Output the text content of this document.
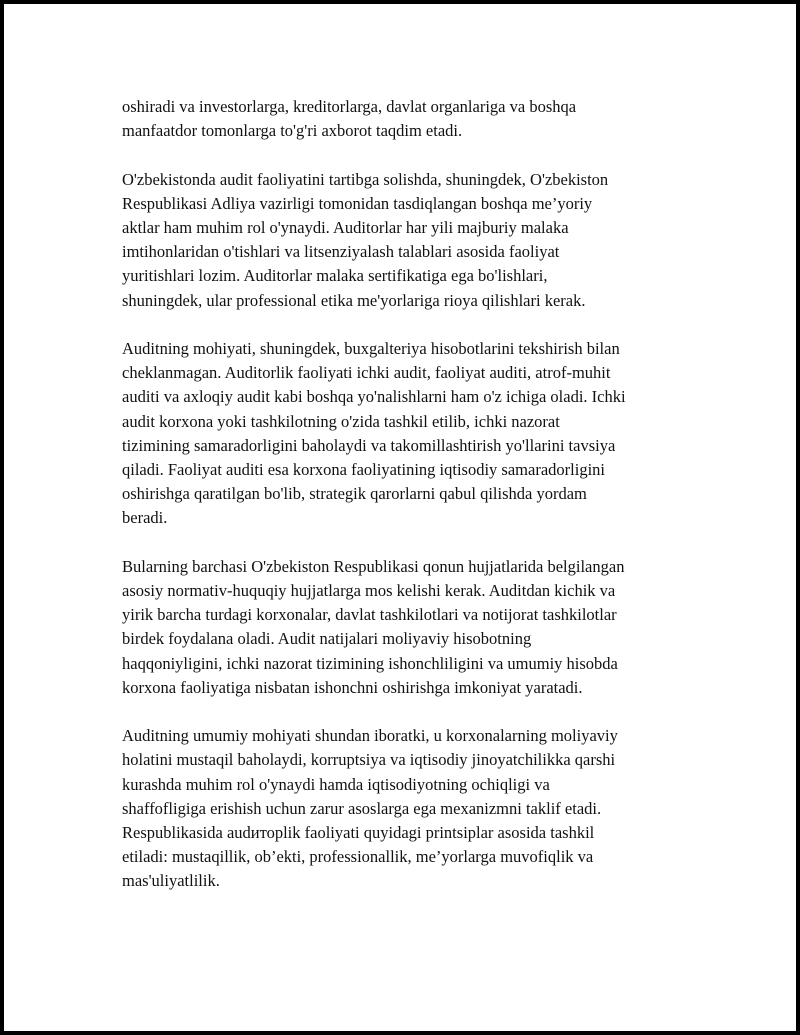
oshiradi va investorlarga, kreditorlarga, davlat organlariga va boshqa
manfaatdor tomonlarga to'g'ri axborot taqdim etadi.

O'zbekistonda audit faoliyatini tartibga solishda, shuningdek, O'zbekiston
Respublikasi Adliya vazirligi tomonidan tasdiqlangan boshqa me’yoriy
aktlar ham muhim rol o'ynaydi. Auditorlar har yili majburiy malaka
imtihonlaridan o'tishlari va litsenziyalash talablari asosida faoliyat
yuritishlari lozim. Auditorlar malaka sertifikatiga ega bo'lishlari,
shuningdek, ular professional etika me'yorlariga rioya qilishlari kerak.

Auditning mohiyati, shuningdek, buxgalteriya hisobotlarini tekshirish bilan
cheklanmagan. Auditorlik faoliyati ichki audit, faoliyat auditi, atrof-muhit
auditi va axloqiy audit kabi boshqa yo'nalishlarni ham o'z ichiga oladi. Ichki
audit korxona yoki tashkilotning o'zida tashkil etilib, ichki nazorat
tizimining samaradorligini baholaydi va takomillashtirish yo'llarini tavsiya
qiladi. Faoliyat auditi esa korxona faoliyatining iqtisodiy samaradorligini
oshirishga qaratilgan bo'lib, strategik qarorlarni qabul qilishda yordam
beradi.

Bularning barchasi O'zbekiston Respublikasi qonun hujjatlarida belgilangan
asosiy normativ-huquqiy hujjatlarga mos kelishi kerak. Auditdan kichik va
yirik barcha turdagi korxonalar, davlat tashkilotlari va notijorat tashkilotlar
birdek foydalana oladi. Audit natijalari moliyaviy hisobotning
haqqoniyligini, ichki nazorat tizimining ishonchliligini va umumiy hisobda
korxona faoliyatiga nisbatan ishonchni oshirishga imkoniyat yaratadi.

Auditning umumiy mohiyati shundan iboratki, u korxonalarning moliyaviy
holatini mustaqil baholaydi, korruptsiya va iqtisodiy jinoyatchilikka qarshi
kurashda muhim rol o'ynaydi hamda iqtisodiyotning ochiqligi va
shaffofligiga erishish uchun zarur asoslarga ega mexanizmni taklif etadi.
Respublikasida audиторlik faoliyati quyidagi printsiplar asosida tashkil
etiladi: mustaqillik, ob’ekti, professionallik, me’yorlarga muvofiqlik va
mas'uliyatlilik.
